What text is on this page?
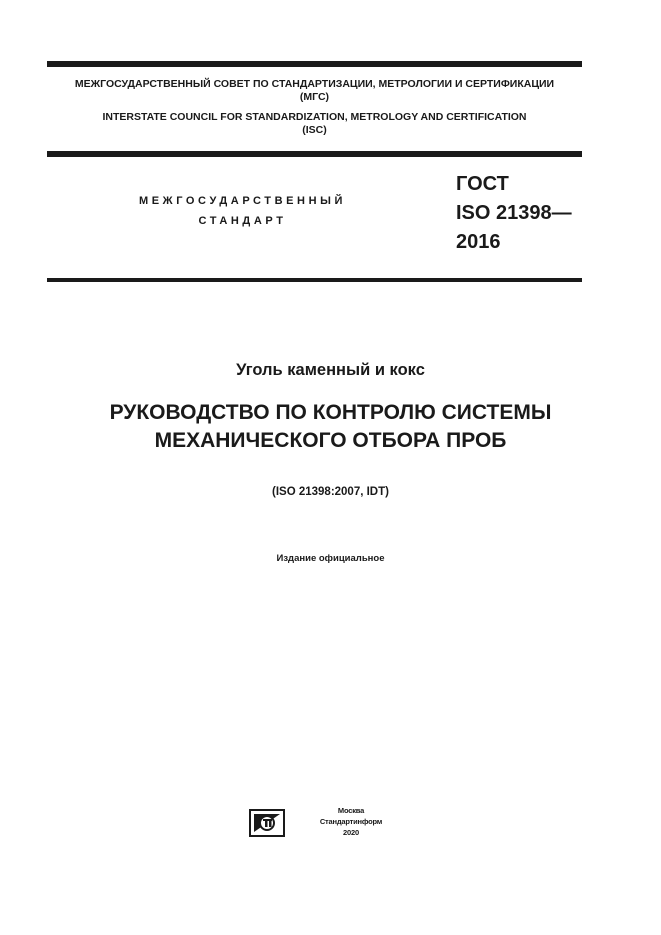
МЕЖГОСУДАРСТВЕННЫЙ СОВЕТ ПО СТАНДАРТИЗАЦИИ, МЕТРОЛОГИИ И СЕРТИФИКАЦИИ
(МГС)
INTERSTATE COUNCIL FOR STANDARDIZATION, METROLOGY AND CERTIFICATION
(ISC)
МЕЖГОСУДАРСТВЕННЫЙ
СТАНДАРТ
ГОСТ
ISO 21398—
2016
Уголь каменный и кокс
РУКОВОДСТВО ПО КОНТРОЛЮ СИСТЕМЫ
МЕХАНИЧЕСКОГО ОТБОРА ПРОБ
(ISO 21398:2007, IDT)
Издание официальное
Москва
Стандартинформ
2020
